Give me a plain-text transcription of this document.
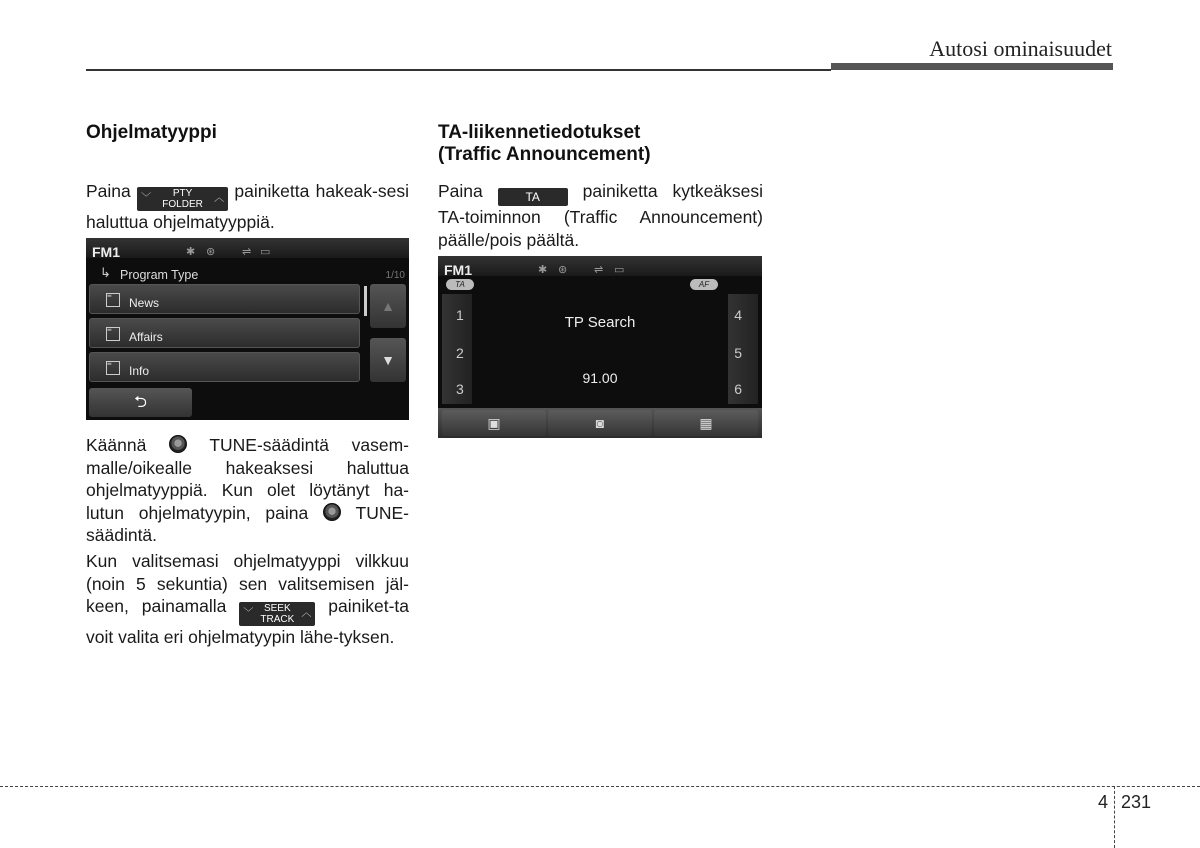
Autosi ominaisuudet
Ohjelmatyyppi

Paina ﹀ PTY
FOLDER
︿ painiketta hakeak-sesi haluttua ohjelmatyyppiä.

FM1	✱ ⊛ ⇌ ▭
↳ Program Type	1/10
≡
News
≡
Affairs
≡
Info
▲
▼
⮌

Käännä	TUNE-säädintä vasem-malle/oikealle hakeaksesi haluttua ohjelmatyyppiä. Kun olet löytänyt ha-lutun ohjelmatyypin, paina	TUNE-säädintä.

Kun valitsemasi ohjelmatyyppi vilkkuu (noin 5 sekuntia) sen valitsemisen jäl-keen, painamalla ﹀ SEEK
TRACK
︿ painiket-ta voit valita eri ohjelmatyypin lähe-tyksen.

TA-liikennetiedotukset
(Traffic Announcement)

Paina	TA painiketta kytkeäksesi TA-toiminnon (Traffic Announcement) päälle/pois päältä.

FM1	✱ ⊛ ⇌ ▭
TA	AF
1
2
3
4
5
6
TP Search
91.00
▣	◙	▦
4 231
